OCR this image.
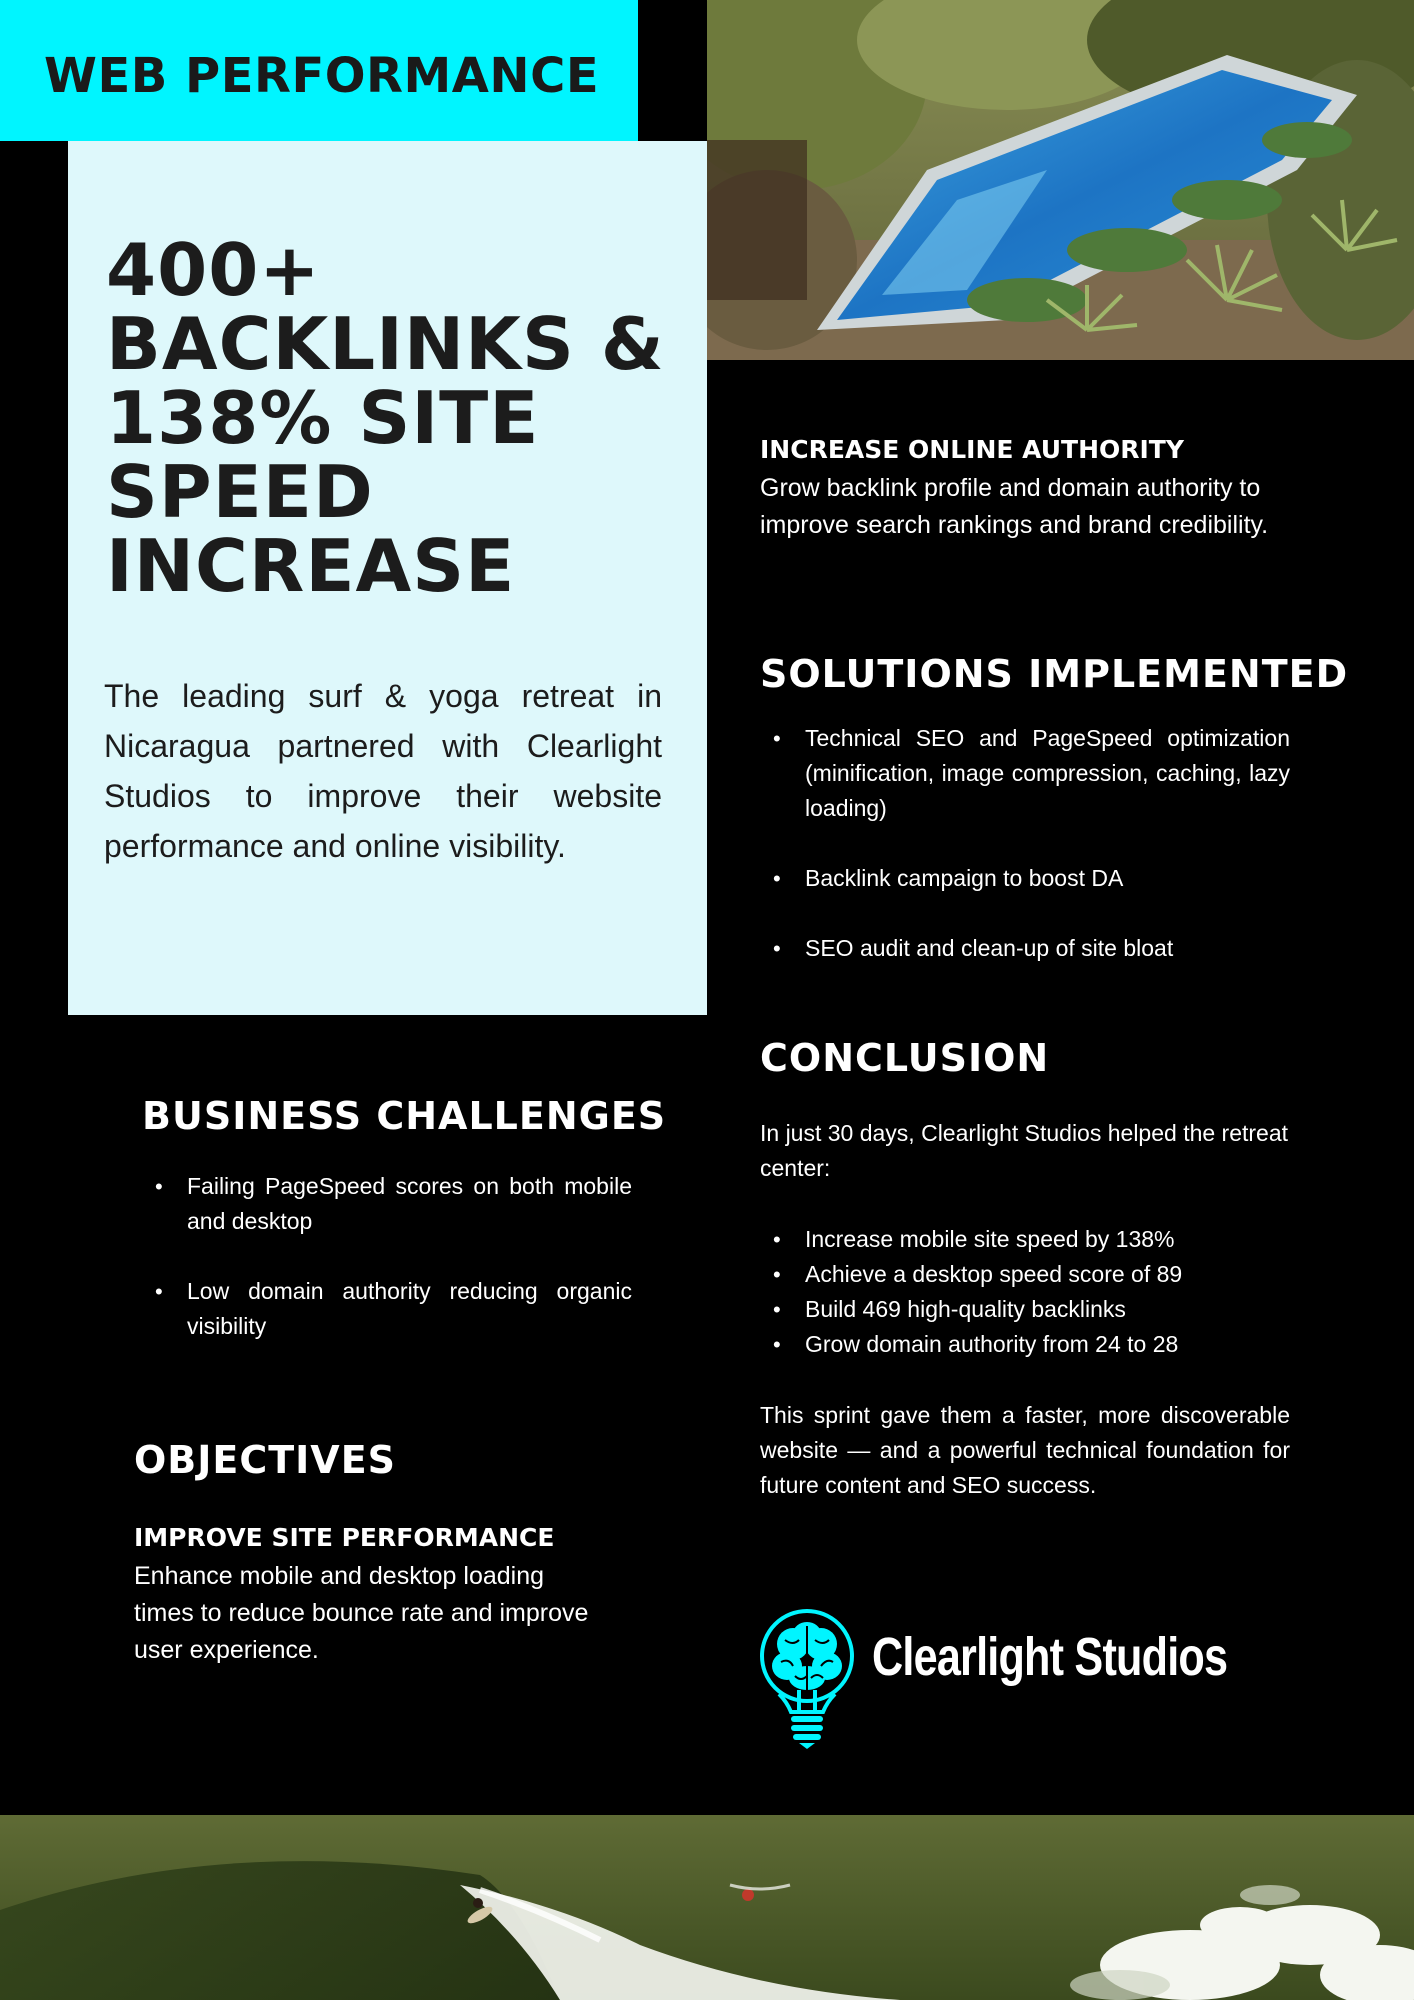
WEB PERFORMANCE
400+
BACKLINKS &
138% SITE
SPEED
INCREASE

The leading surf & yoga retreat in Nicaragua partnered with Clearlight Studios to improve their website performance and online visibility.

BUSINESS CHALLENGES
• Failing PageSpeed scores on both mobile and desktop
• Low domain authority reducing organic visibility
OBJECTIVES
IMPROVE SITE PERFORMANCE

Enhance mobile and desktop loading times to reduce bounce rate and improve user experience.

INCREASE ONLINE AUTHORITY

Grow backlink profile and domain authority to improve search rankings and brand credibility.

SOLUTIONS IMPLEMENTED
• Technical SEO and PageSpeed optimization (minification, image compression, caching, lazy loading)
• Backlink campaign to boost DA
• SEO audit and clean-up of site bloat
CONCLUSION

In just 30 days, Clearlight Studios helped the retreat center:

• Increase mobile site speed by 138%
• Achieve a desktop speed score of 89
• Build 469 high-quality backlinks
• Grow domain authority from 24 to 28

This sprint gave them a faster, more discoverable website — and a powerful technical foundation for future content and SEO success.

Clearlight Studios
